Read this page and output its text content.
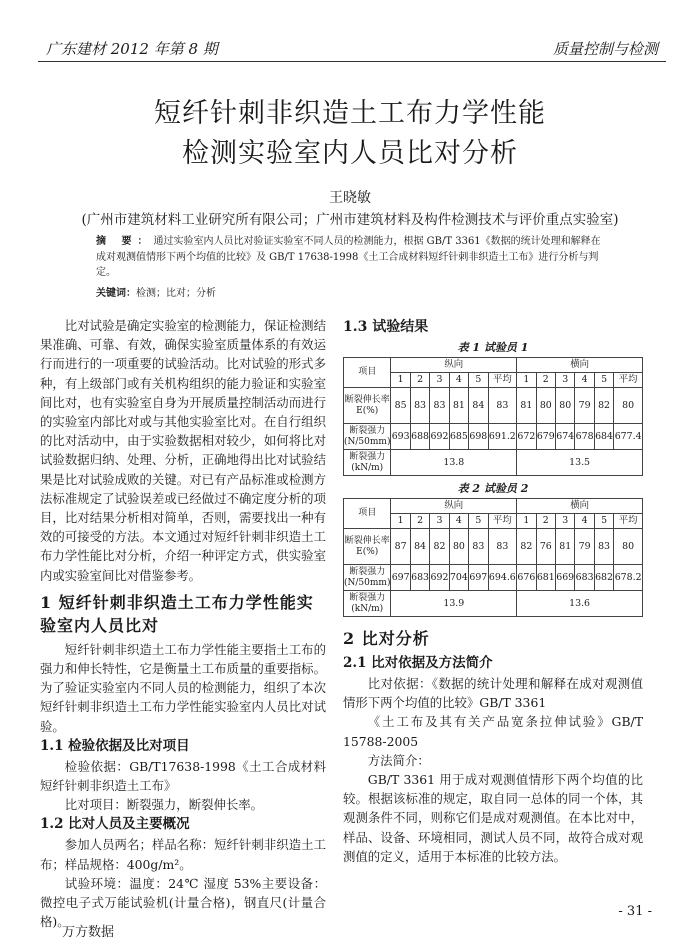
广东建材 2012 年第 8 期	质量控制与检测
短纤针刺非织造土工布力学性能
检测实验室内人员比对分析
王晓敏
(广州市建筑材料工业研究所有限公司；广州市建筑材料及构件检测技术与评价重点实验室)
摘 要：通过实验室内人员比对验证实验室不同人员的检测能力，根据 GB/T 3361《数据的统计处理和解释在成对观测值情形下两个均值的比较》及 GB/T 17638-1998《土工合成材料短纤针刺非织造土工布》进行分析与判定。
关键词：检测；比对；分析

比对试验是确定实验室的检测能力，保证检测结果准确、可靠、有效，确保实验室质量体系的有效运行而进行的一项重要的试验活动。比对试验的形式多种，有上级部门或有关机构组织的能力验证和实验室间比对，也有实验室自身为开展质量控制活动而进行的实验室内部比对或与其他实验室比对。在自行组织的比对活动中，由于实验数据相对较少，如何将比对试验数据归纳、处理、分析，正确地得出比对试验结果是比对试验成败的关键。对已有产品标准或检测方法标准规定了试验误差或已经做过不确定度分析的项目，比对结果分析相对简单，否则，需要找出一种有效的可接受的方法。本文通过对短纤针刺非织造土工布力学性能比对分析，介绍一种评定方式，供实验室内或实验室间比对借鉴参考。

1 短纤针刺非织造土工布力学性能实验室内人员比对

短纤针刺非织造土工布力学性能主要指土工布的强力和伸长特性，它是衡量土工布质量的重要指标。为了验证实验室内不同人员的检测能力，组织了本次短纤针刺非织造土工布力学性能实验室内人员比对试验。

1.1 检验依据及比对项目

检验依据：GB/T17638-1998《土工合成材料短纤针刺非织造土工布》

比对项目：断裂强力，断裂伸长率。

1.2 比对人员及主要概况

参加人员两名；样品名称：短纤针刺非织造土工布；样品规格：400g/m²。

试验环境：温度：24℃ 湿度 53%主要设备：微控电子式万能试验机(计量合格)，钢直尺(计量合格)。

1.3 试验结果
表 1 试验员 1
项目	纵向						横向					
	1	2	3	4	5	平均	1	2	3	4	5	平均
断裂伸长率 E(%)	85	83	83	81	84	83	81	80	80	79	82	80
断裂强力(N/50mm)	693	688	692	685	698	691.2	672	679	674	678	684	677.4
断裂强力(kN/m)	13.8						13.5					
表 2 试验员 2
项目	纵向						横向					
	1	2	3	4	5	平均	1	2	3	4	5	平均
断裂伸长率 E(%)	87	84	82	80	83	83	82	76	81	79	83	80
断裂强力(N/50mm)	697	683	692	704	697	694.6	676	681	669	683	682	678.2
断裂强力(kN/m)	13.9						13.6					
2 比对分析
2.1 比对依据及方法简介

比对依据：《数据的统计处理和解释在成对观测值情形下两个均值的比较》GB/T 3361

《土工布及其有关产品宽条拉伸试验》GB/T 15788-2005

方法简介：

GB/T 3361 用于成对观测值情形下两个均值的比较。根据该标准的规定，取自同一总体的同一个体，其观测条件不同，则称它们是成对观测值。在本比对中，样品、设备、环境相同，测试人员不同，故符合成对观测值的定义，适用于本标准的比较方法。

- 31 -
万方数据
